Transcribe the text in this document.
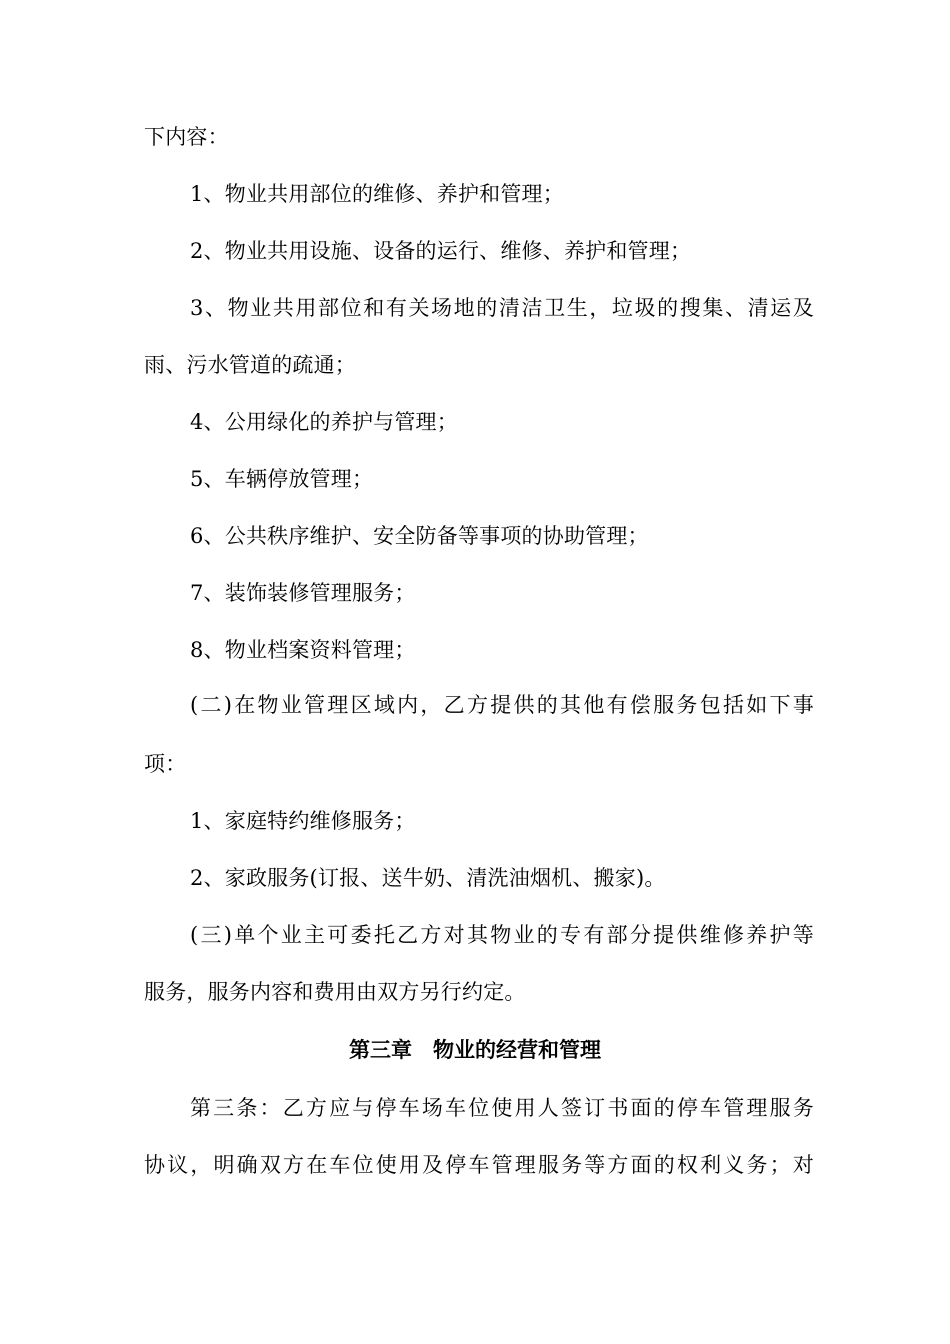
下内容：
1、物业共用部位的维修、养护和管理；
2、物业共用设施、设备的运行、维修、养护和管理；
3、物业共用部位和有关场地的清洁卫生，垃圾的搜集、清运及
雨、污水管道的疏通；
4、公用绿化的养护与管理；
5、车辆停放管理；
6、公共秩序维护、安全防备等事项的协助管理；
7、装饰装修管理服务；
8、物业档案资料管理；
(二)在物业管理区域内，乙方提供的其他有偿服务包括如下事
项：
1、家庭特约维修服务；
2、家政服务(订报、送牛奶、清洗油烟机、搬家)。
(三)单个业主可委托乙方对其物业的专有部分提供维修养护等
服务，服务内容和费用由双方另行约定。
第三章　物业的经营和管理
第三条：乙方应与停车场车位使用人签订书面的停车管理服务
协议，明确双方在车位使用及停车管理服务等方面的权利义务；对
